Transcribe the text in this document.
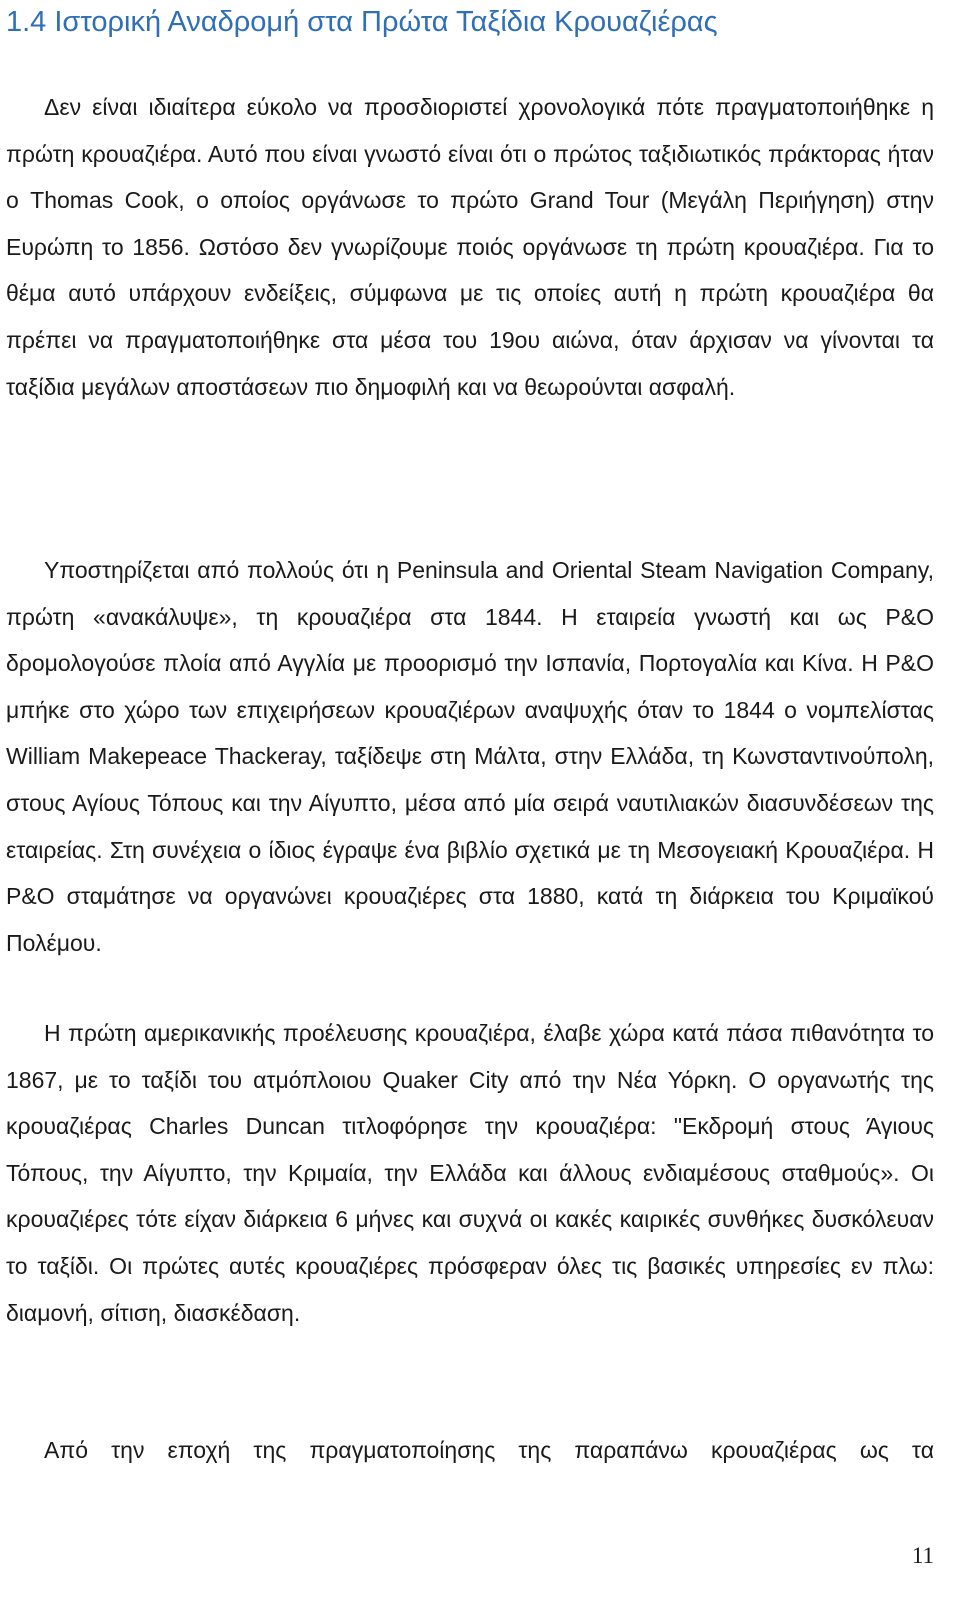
1.4 Ιστορική Αναδρομή στα Πρώτα Ταξίδια Κρουαζιέρας

Δεν είναι ιδιαίτερα εύκολο να προσδιοριστεί χρονολογικά πότε πραγματοποιήθηκε η πρώτη κρουαζιέρα. Αυτό που είναι γνωστό είναι ότι ο πρώτος ταξιδιωτικός πράκτορας ήταν ο Thomas Cook, ο οποίος οργάνωσε το πρώτο Grand Tour (Μεγάλη Περιήγηση) στην Ευρώπη το 1856. Ωστόσο δεν γνωρίζουμε ποιός οργάνωσε τη πρώτη κρουαζιέρα. Για το θέμα αυτό υπάρχουν ενδείξεις, σύμφωνα με τις οποίες αυτή η πρώτη κρουαζιέρα θα πρέπει να πραγματοποιήθηκε στα μέσα του 19ου αιώνα, όταν άρχισαν να γίνονται τα ταξίδια μεγάλων αποστάσεων πιο δημοφιλή και να θεωρούνται ασφαλή.

Υποστηρίζεται από πολλούς ότι η Peninsula and Oriental Steam Navigation Company, πρώτη «ανακάλυψε», τη κρουαζιέρα στα 1844. Η εταιρεία γνωστή και ως P&O δρομολογούσε πλοία από Αγγλία με προορισμό την Ισπανία, Πορτογαλία και Κίνα. Η P&O μπήκε στο χώρο των επιχειρήσεων κρουαζιέρων αναψυχής όταν το 1844 ο νομπελίστας William Makepeace Thackeray, ταξίδεψε στη Μάλτα, στην Ελλάδα, τη Κωνσταντινούπολη, στους Αγίους Τόπους και την Αίγυπτο, μέσα από μία σειρά ναυτιλιακών διασυνδέσεων της εταιρείας. Στη συνέχεια ο ίδιος έγραψε ένα βιβλίο σχετικά με τη Μεσογειακή Κρουαζιέρα. Η P&O σταμάτησε να οργανώνει κρουαζιέρες στα 1880, κατά τη διάρκεια του Κριμαϊκού Πολέμου.

Η πρώτη αμερικανικής προέλευσης κρουαζιέρα, έλαβε χώρα κατά πάσα πιθανότητα το 1867, με το ταξίδι του ατμόπλοιου Quaker City από την Νέα Υόρκη. Ο οργανωτής της κρουαζιέρας Charles Duncan τιτλοφόρησε την κρουαζιέρα: "Εκδρομή στους Άγιους Τόπους, την Αίγυπτο, την Κριμαία, την Ελλάδα και άλλους ενδιαμέσους σταθμούς». Οι κρουαζιέρες τότε είχαν διάρκεια 6 μήνες και συχνά οι κακές καιρικές συνθήκες δυσκόλευαν το ταξίδι. Οι πρώτες αυτές κρουαζιέρες πρόσφεραν όλες τις βασικές υπηρεσίες εν πλω: διαμονή, σίτιση, διασκέδαση.

Από την εποχή της πραγματοποίησης της παραπάνω κρουαζιέρας ως τα

11
